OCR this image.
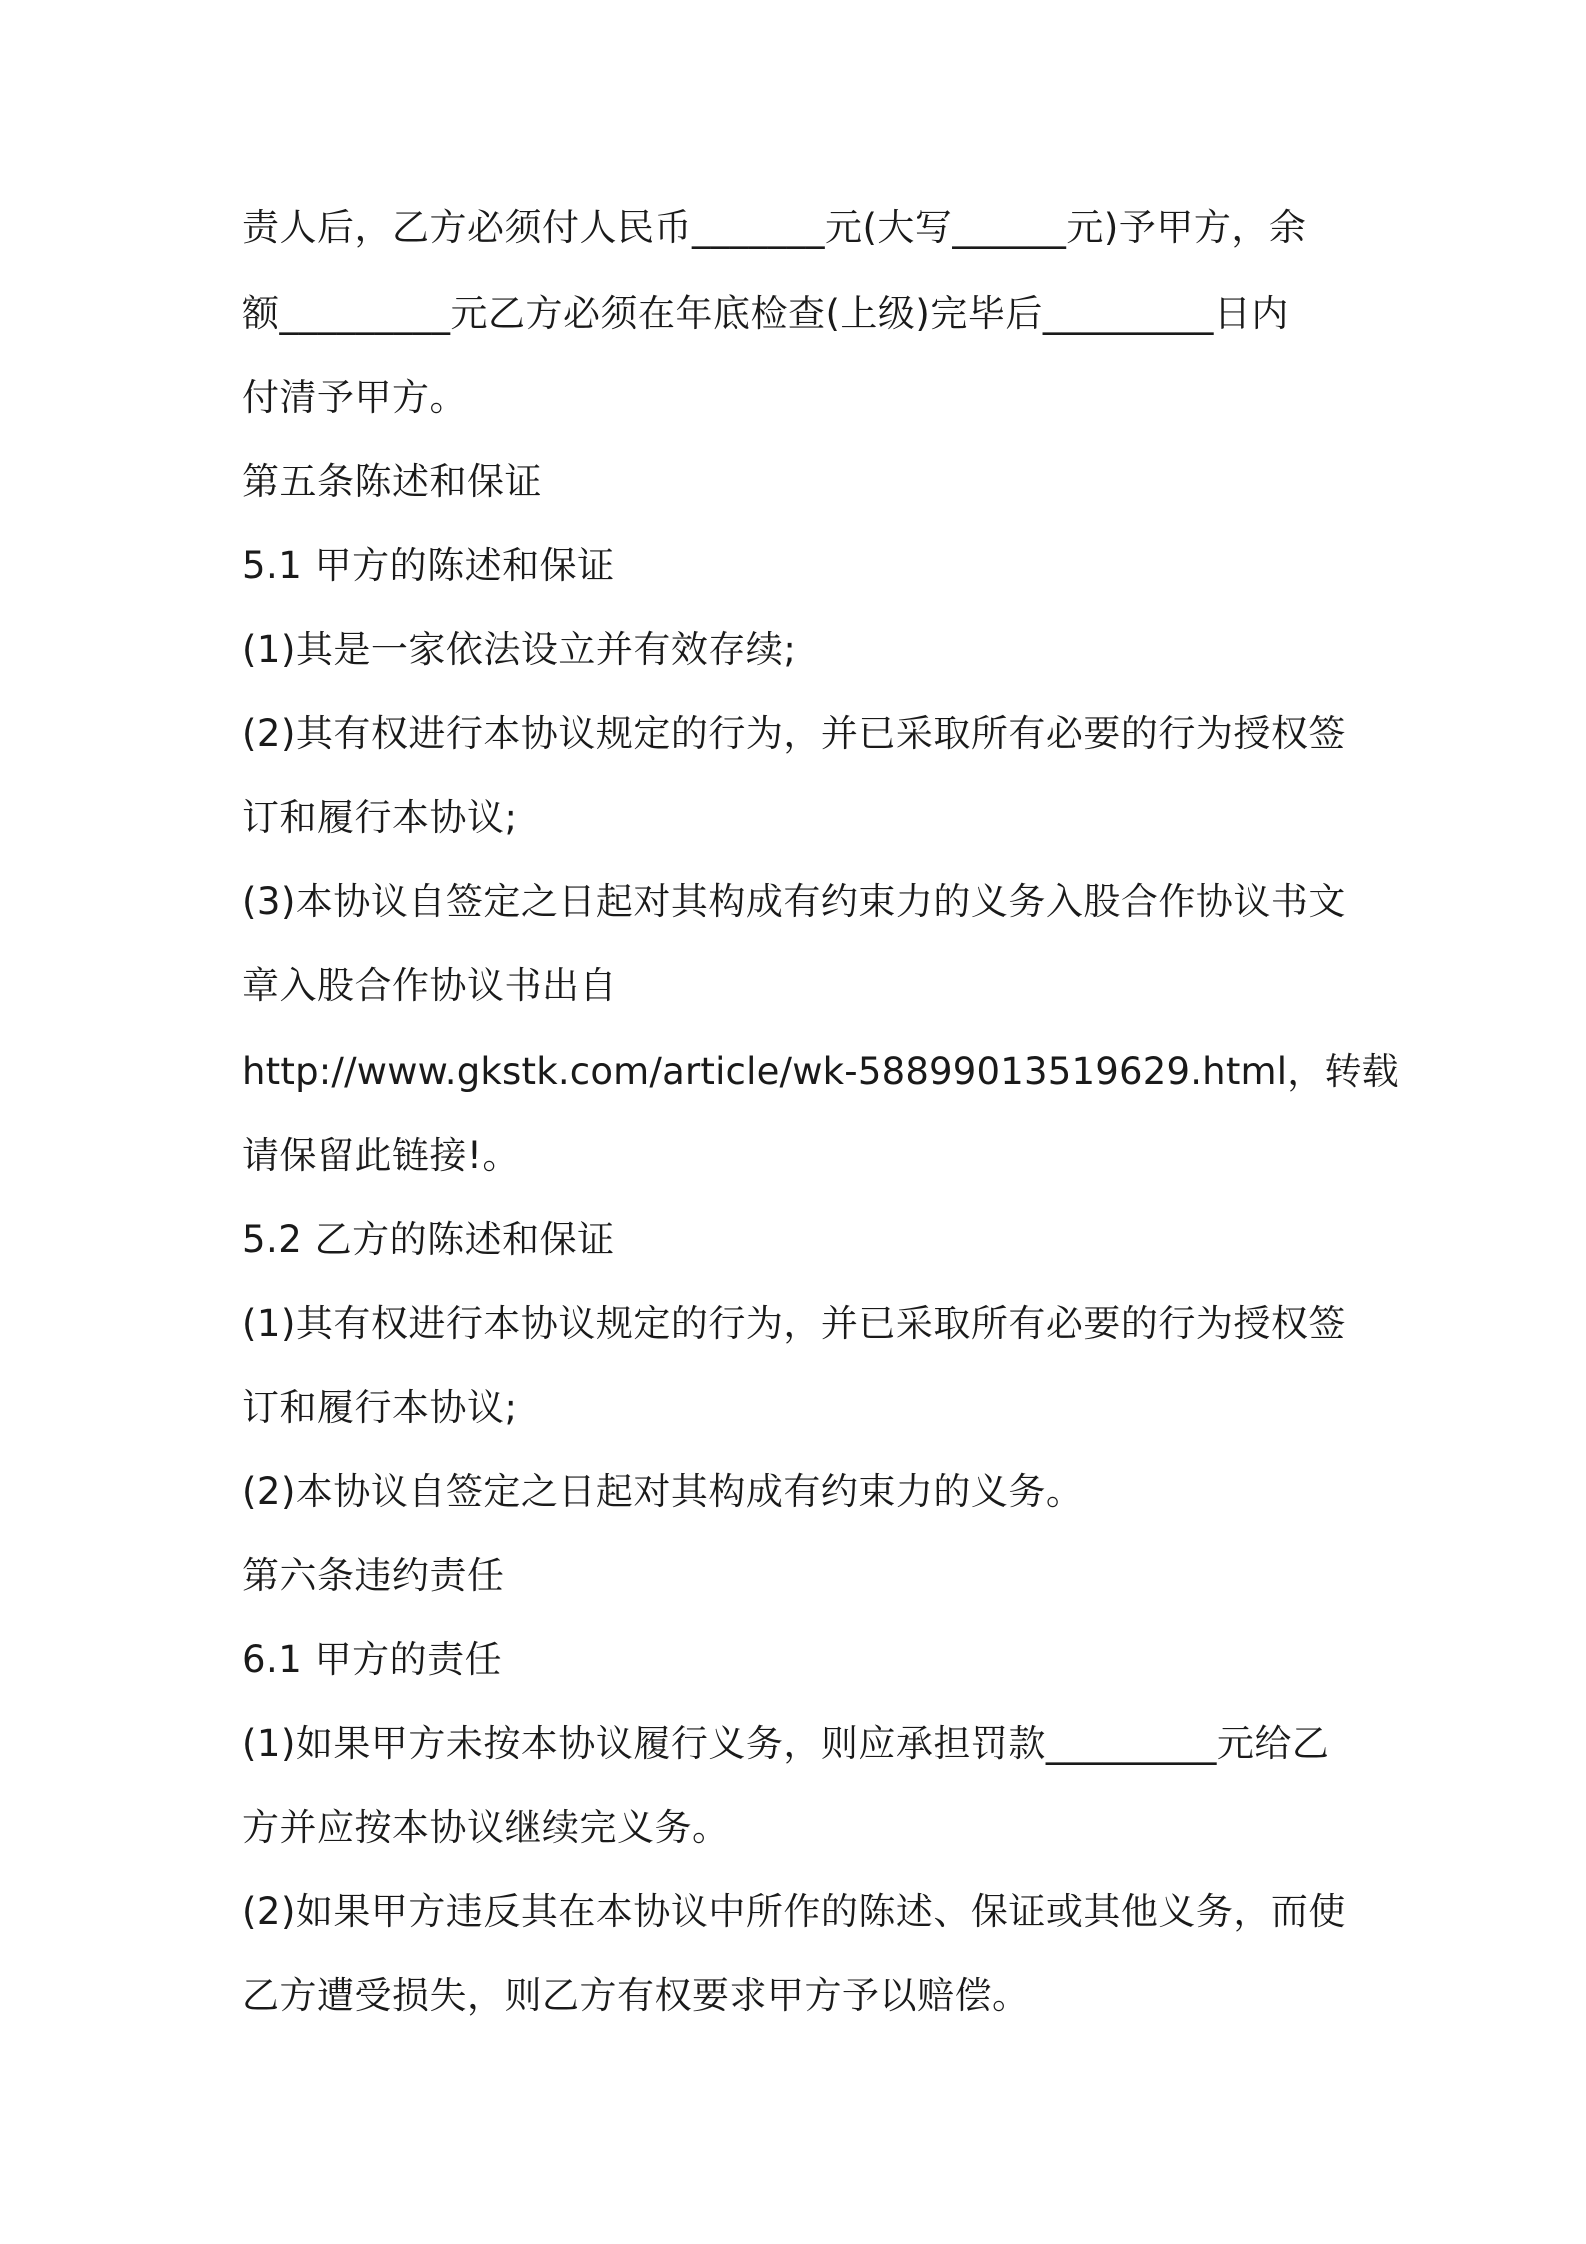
责人后，乙方必须付人民币_______元(大写______元)予甲方，余
额_________元乙方必须在年底检查(上级)完毕后_________日内
付清予甲方。
第五条陈述和保证
5.1 甲方的陈述和保证
(1)其是一家依法设立并有效存续;
(2)其有权进行本协议规定的行为，并已采取所有必要的行为授权签
订和履行本协议;
(3)本协议自签定之日起对其构成有约束力的义务入股合作协议书文
章入股合作协议书出自
http://www.gkstk.com/article/wk-58899013519629.html，转载
请保留此链接!。
5.2 乙方的陈述和保证
(1)其有权进行本协议规定的行为，并已采取所有必要的行为授权签
订和履行本协议;
(2)本协议自签定之日起对其构成有约束力的义务。
第六条违约责任
6.1 甲方的责任
(1)如果甲方未按本协议履行义务，则应承担罚款_________元给乙
方并应按本协议继续完义务。
(2)如果甲方违反其在本协议中所作的陈述、保证或其他义务，而使
乙方遭受损失，则乙方有权要求甲方予以赔偿。
